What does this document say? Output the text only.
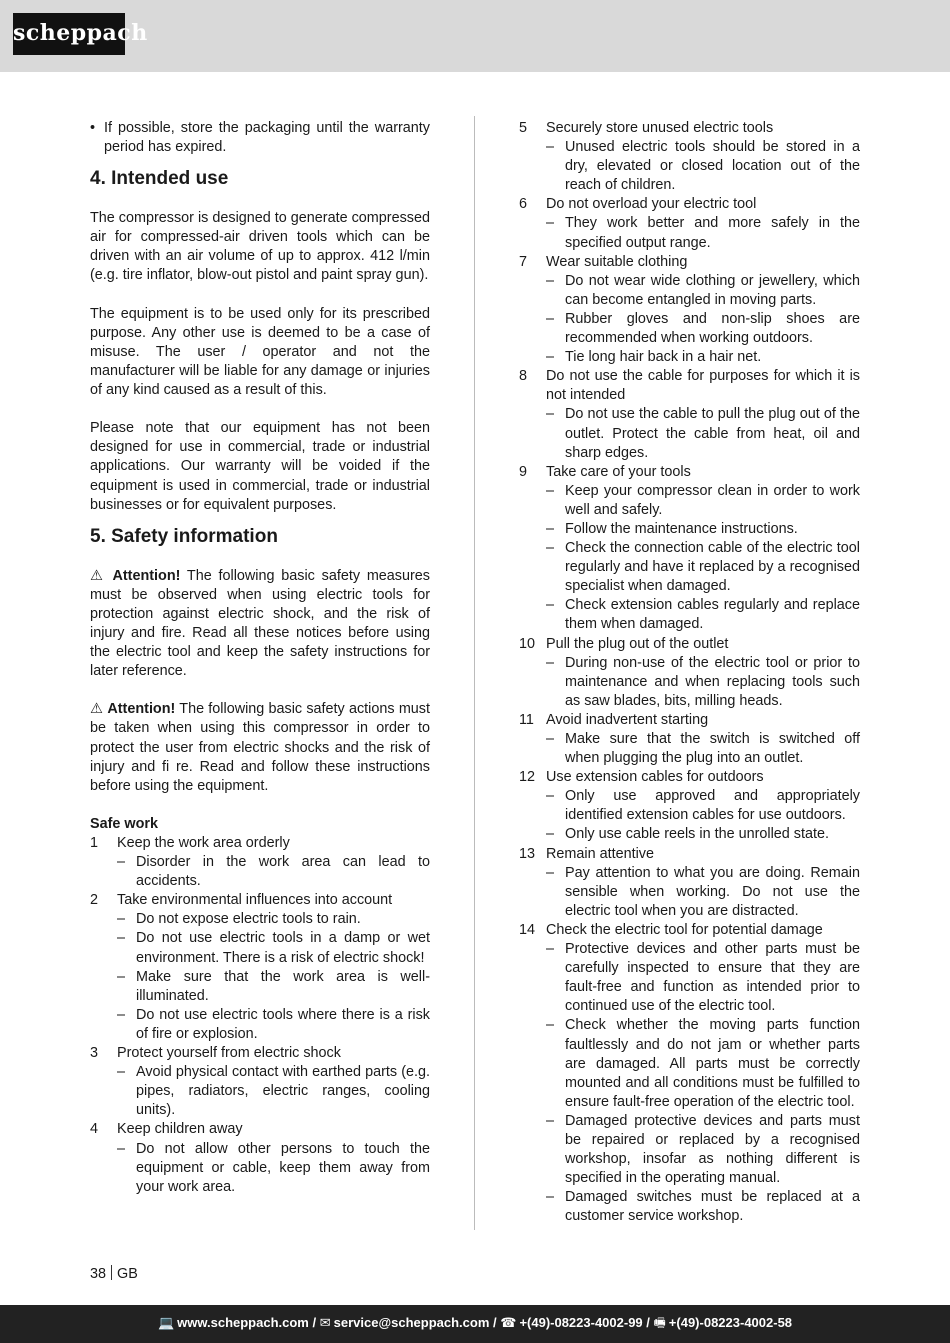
scheppach

• If possible, store the packaging until the warranty period has expired.

4. Intended use

The compressor is designed to generate compressed air for compressed-air driven tools which can be driven with an air volume of up to approx. 412 l/min (e.g. tire inflator, blow-out pistol and paint spray gun).

The equipment is to be used only for its prescribed purpose. Any other use is deemed to be a case of misuse. The user / operator and not the manufacturer will be liable for any damage or injuries of any kind caused as a result of this.

Please note that our equipment has not been designed for use in commercial, trade or industrial applications. Our warranty will be voided if the equipment is used in commercial, trade or industrial businesses or for equivalent purposes.

5. Safety information

⚠ Attention! The following basic safety measures must be observed when using electric tools for protection against electric shock, and the risk of injury and fire. Read all these notices before using the electric tool and keep the safety instructions for later reference.

⚠ Attention! The following basic safety actions must be taken when using this compressor in order to protect the user from electric shocks and the risk of injury and fi re. Read and follow these instructions before using the equipment.

Safe work

1 Keep the work area orderly

– Disorder in the work area can lead to accidents.

2 Take environmental influences into account

– Do not expose electric tools to rain.

– Do not use electric tools in a damp or wet environment. There is a risk of electric shock!

– Make sure that the work area is well-illuminated.

– Do not use electric tools where there is a risk of fire or explosion.

3 Protect yourself from electric shock

– Avoid physical contact with earthed parts (e.g. pipes, radiators, electric ranges, cooling units).

4 Keep children away

– Do not allow other persons to touch the equipment or cable, keep them away from your work area.

5 Securely store unused electric tools

– Unused electric tools should be stored in a dry, elevated or closed location out of the reach of children.

6 Do not overload your electric tool

– They work better and more safely in the specified output range.

7 Wear suitable clothing

– Do not wear wide clothing or jewellery, which can become entangled in moving parts.

– Rubber gloves and non-slip shoes are recommended when working outdoors.

– Tie long hair back in a hair net.

8 Do not use the cable for purposes for which it is not intended

– Do not use the cable to pull the plug out of the outlet. Protect the cable from heat, oil and sharp edges.

9 Take care of your tools

– Keep your compressor clean in order to work well and safely.

– Follow the maintenance instructions.

– Check the connection cable of the electric tool regularly and have it replaced by a recognised specialist when damaged.

– Check extension cables regularly and replace them when damaged.

10 Pull the plug out of the outlet

– During non-use of the electric tool or prior to maintenance and when replacing tools such as saw blades, bits, milling heads.

11 Avoid inadvertent starting

– Make sure that the switch is switched off when plugging the plug into an outlet.

12 Use extension cables for outdoors

– Only use approved and appropriately identified extension cables for use outdoors.

– Only use cable reels in the unrolled state.

13 Remain attentive

– Pay attention to what you are doing. Remain sensible when working. Do not use the electric tool when you are distracted.

14 Check the electric tool for potential damage

– Protective devices and other parts must be carefully inspected to ensure that they are fault-free and function as intended prior to continued use of the electric tool.

– Check whether the moving parts function faultlessly and do not jam or whether parts are damaged. All parts must be correctly mounted and all conditions must be fulfilled to ensure fault-free operation of the electric tool.

– Damaged protective devices and parts must be repaired or replaced by a recognised workshop, insofar as nothing different is specified in the operating manual.

– Damaged switches must be replaced at a customer service workshop.

38 GB
💻 www.scheppach.com / ✉ service@scheppach.com / ☎ +(49)-08223-4002-99 / 🖷 +(49)-08223-4002-58
